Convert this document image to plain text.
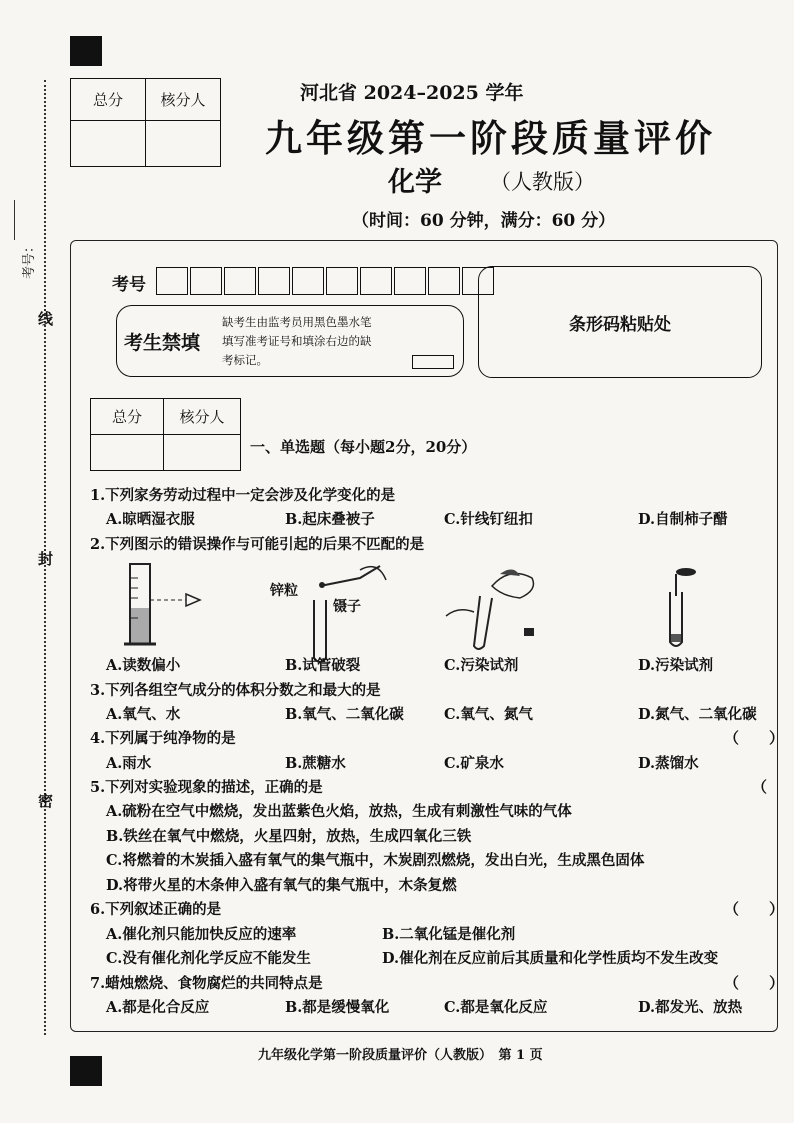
考号：
线
封
密
总分	核分人
		河北省 2024–2025 学年
九年级第一阶段质量评价
化学 （人教版）
（时间：60 分钟，满分：60 分）
考号
考生禁填
缺考生由监考员用黑色墨水笔
填写准考证号和填涂右边的缺
考标记。
条形码粘贴处
总分	核分人

一、单选题（每小题2分，20分）
1.下列家务劳动过程中一定会涉及化学变化的是
A.晾晒湿衣服	B.起床叠被子	C.针线钉纽扣	D.自制柿子醋
2.下列图示的错误操作与可能引起的后果不匹配的是
锌粒
镊子
A.读数偏小	B.试管破裂	C.污染试剂	D.污染试剂
3.下列各组空气成分的体积分数之和最大的是
A.氧气、水	B.氧气、二氧化碳	C.氧气、氮气	D.氮气、二氧化碳
4.下列属于纯净物的是	（　　）
A.雨水	B.蔗糖水	C.矿泉水	D.蒸馏水
5.下列对实验现象的描述，正确的是	（
A.硫粉在空气中燃烧，发出蓝紫色火焰，放热，生成有刺激性气味的气体
B.铁丝在氧气中燃烧，火星四射，放热，生成四氧化三铁
C.将燃着的木炭插入盛有氧气的集气瓶中，木炭剧烈燃烧，发出白光，生成黑色固体
D.将带火星的木条伸入盛有氧气的集气瓶中，木条复燃
6.下列叙述正确的是	（　　）
A.催化剂只能加快反应的速率	B.二氧化锰是催化剂
C.没有催化剂化学反应不能发生	D.催化剂在反应前后其质量和化学性质均不发生改变
7.蜡烛燃烧、食物腐烂的共同特点是	（　　）
A.都是化合反应	B.都是缓慢氧化	C.都是氧化反应	D.都发光、放热
九年级化学第一阶段质量评价（人教版）　第 1 页
